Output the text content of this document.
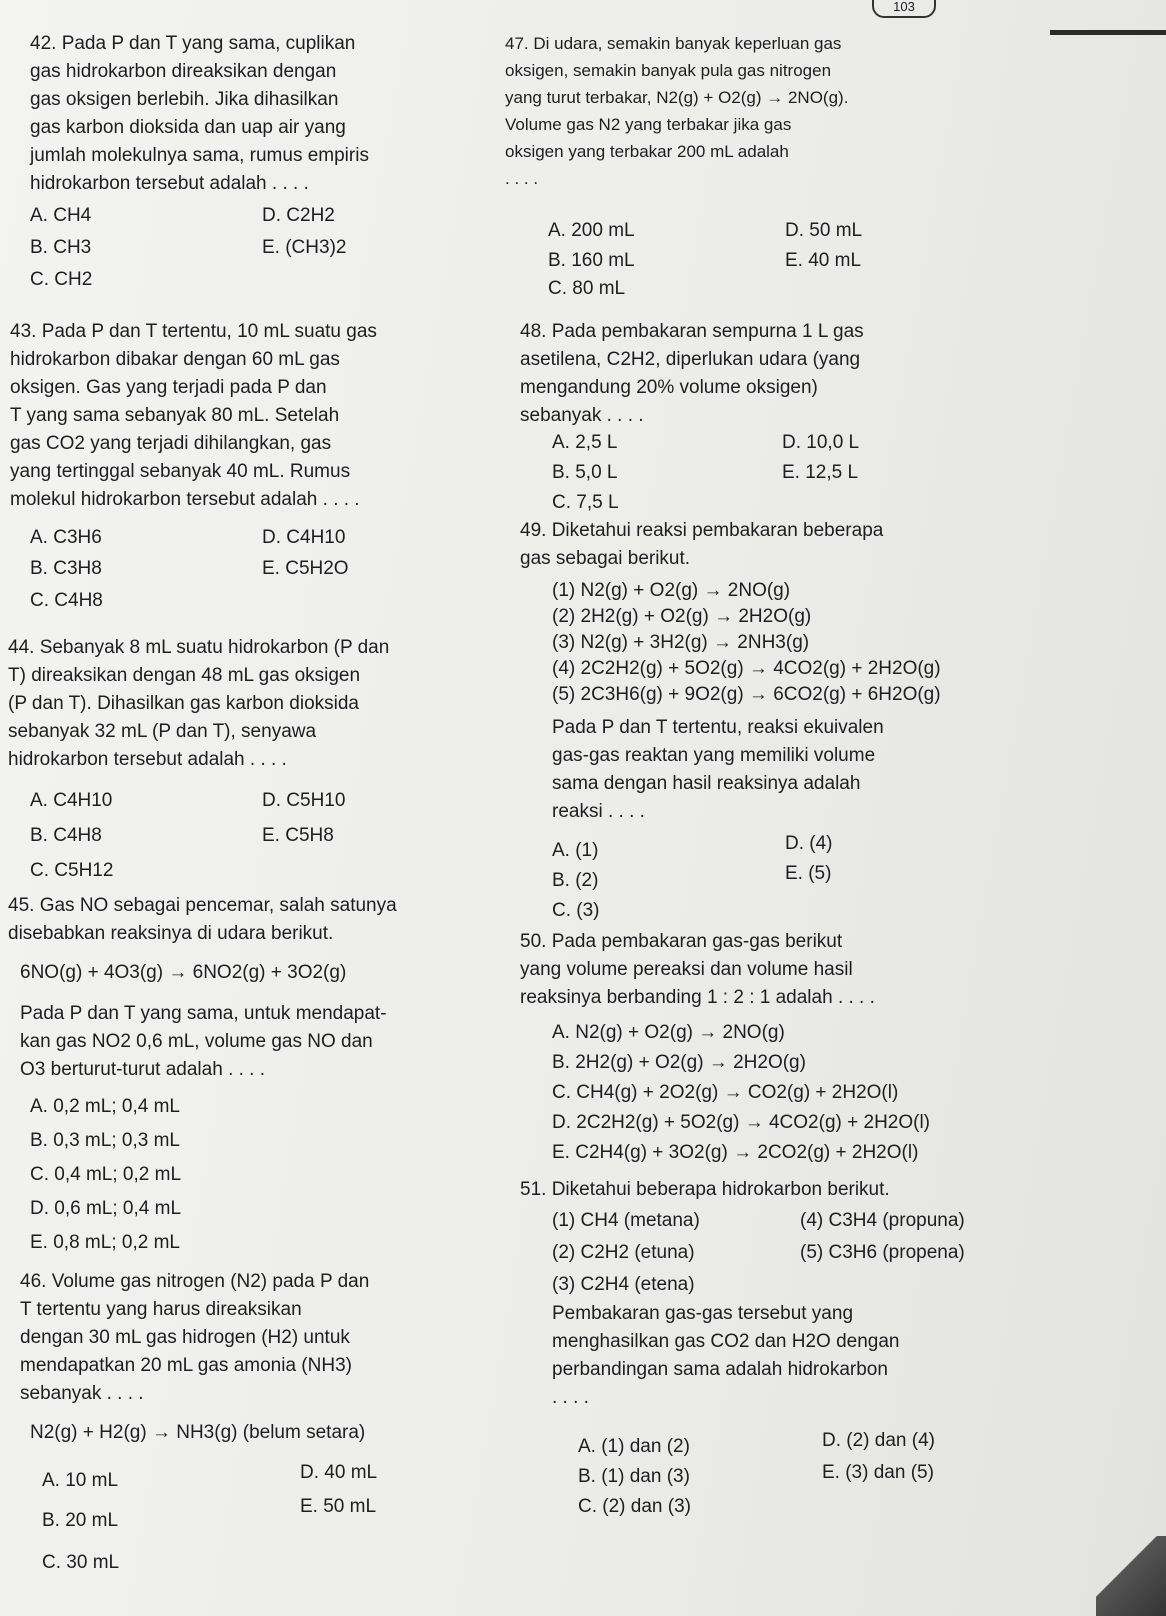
103
42. Pada P dan T yang sama, cuplikan
gas hidrokarbon direaksikan dengan
gas oksigen berlebih. Jika dihasilkan
gas karbon dioksida dan uap air yang
jumlah molekulnya sama, rumus empiris
hidrokarbon tersebut adalah . . . .
A. CH4
B. CH3
C. CH2
D. C2H2
E. (CH3)2
43. Pada P dan T tertentu, 10 mL suatu gas
hidrokarbon dibakar dengan 60 mL gas
oksigen. Gas yang terjadi pada P dan
T yang sama sebanyak 80 mL. Setelah
gas CO2 yang terjadi dihilangkan, gas
yang tertinggal sebanyak 40 mL. Rumus
molekul hidrokarbon tersebut adalah . . . .
A. C3H6
B. C3H8
C. C4H8
D. C4H10
E. C5H2O
44. Sebanyak 8 mL suatu hidrokarbon (P dan
T) direaksikan dengan 48 mL gas oksigen
(P dan T). Dihasilkan gas karbon dioksida
sebanyak 32 mL (P dan T), senyawa
hidrokarbon tersebut adalah . . . .
A. C4H10
B. C4H8
C. C5H12
D. C5H10
E. C5H8
45. Gas NO sebagai pencemar, salah satunya
disebabkan reaksinya di udara berikut.
6NO(g) + 4O3(g) → 6NO2(g) + 3O2(g)
Pada P dan T yang sama, untuk mendapat-
kan gas NO2 0,6 mL, volume gas NO dan
O3 berturut-turut adalah . . . .
A. 0,2 mL; 0,4 mL
B. 0,3 mL; 0,3 mL
C. 0,4 mL; 0,2 mL
D. 0,6 mL; 0,4 mL
E. 0,8 mL; 0,2 mL
46. Volume gas nitrogen (N2) pada P dan
T tertentu yang harus direaksikan
dengan 30 mL gas hidrogen (H2) untuk
mendapatkan 20 mL gas amonia (NH3)
sebanyak . . . .
N2(g) + H2(g) → NH3(g) (belum setara)
A. 10 mL
B. 20 mL
C. 30 mL
D. 40 mL
E. 50 mL
47. Di udara, semakin banyak keperluan gas
oksigen, semakin banyak pula gas nitrogen
yang turut terbakar, N2(g) + O2(g) → 2NO(g).
Volume gas N2 yang terbakar jika gas
oksigen yang terbakar 200 mL adalah
. . . .
A. 200 mL
B. 160 mL
C. 80 mL
D. 50 mL
E. 40 mL
48. Pada pembakaran sempurna 1 L gas
asetilena, C2H2, diperlukan udara (yang
mengandung 20% volume oksigen)
sebanyak . . . .
A. 2,5 L
B. 5,0 L
C. 7,5 L
D. 10,0 L
E. 12,5 L
49. Diketahui reaksi pembakaran beberapa
gas sebagai berikut.
(1) N2(g) + O2(g) → 2NO(g)
(2) 2H2(g) + O2(g) → 2H2O(g)
(3) N2(g) + 3H2(g) → 2NH3(g)
(4) 2C2H2(g) + 5O2(g) → 4CO2(g) + 2H2O(g)
(5) 2C3H6(g) + 9O2(g) → 6CO2(g) + 6H2O(g)
Pada P dan T tertentu, reaksi ekuivalen
gas-gas reaktan yang memiliki volume
sama dengan hasil reaksinya adalah
reaksi . . . .
A. (1)
B. (2)
C. (3)
D. (4)
E. (5)
50. Pada pembakaran gas-gas berikut
yang volume pereaksi dan volume hasil
reaksinya berbanding 1 : 2 : 1 adalah . . . .
A. N2(g) + O2(g) → 2NO(g)
B. 2H2(g) + O2(g) → 2H2O(g)
C. CH4(g) + 2O2(g) → CO2(g) + 2H2O(l)
D. 2C2H2(g) + 5O2(g) → 4CO2(g) + 2H2O(l)
E. C2H4(g) + 3O2(g) → 2CO2(g) + 2H2O(l)
51. Diketahui beberapa hidrokarbon berikut.
(1) CH4 (metana)
(2) C2H2 (etuna)
(3) C2H4 (etena)
(4) C3H4 (propuna)
(5) C3H6 (propena)
Pembakaran gas-gas tersebut yang
menghasilkan gas CO2 dan H2O dengan
perbandingan sama adalah hidrokarbon
. . . .
A. (1) dan (2)
B. (1) dan (3)
C. (2) dan (3)
D. (2) dan (4)
E. (3) dan (5)
